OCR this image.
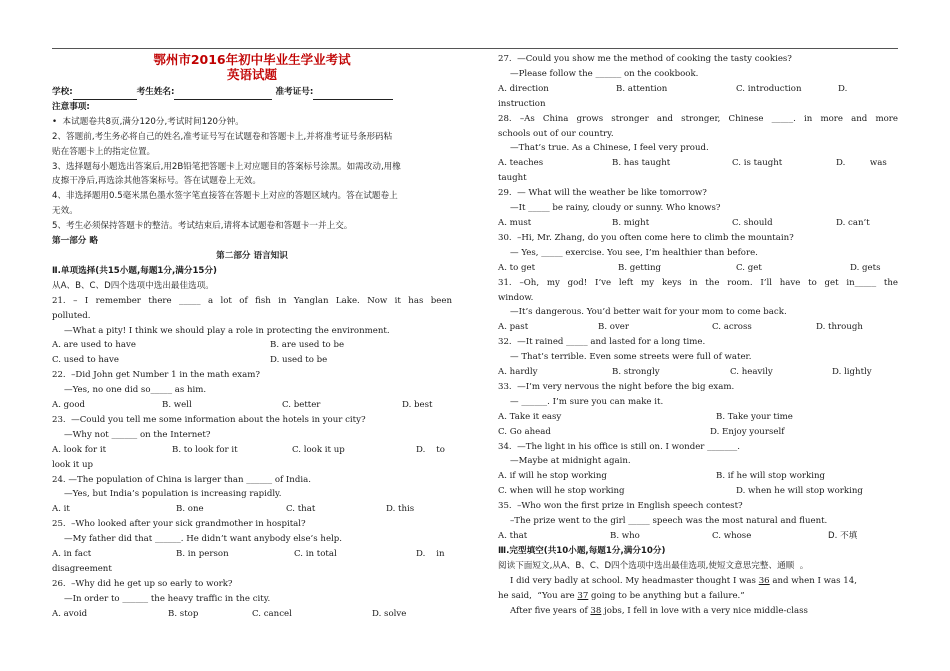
鄂州市2016年初中毕业生学业考试
英语试题
学校:	考生姓名:	准考证号:
注意事项:
• 本试题卷共8页,满分120分,考试时间120分钟。
2、答题前,考生务必将自己的姓名,准考证号写在试题卷和答题卡上,并将准考证号条形码粘
贴在答题卡上的指定位置。
3、选择题每小题选出答案后,用2B铅笔把答题卡上对应题目的答案标号涂黑。如需改动,用橡
皮擦干净后,再选涂其他答案标号。答在试题卷上无效。
4、非选择题用0.5毫米黑色墨水签字笔直接答在答题卡上对应的答题区域内。答在试题卷上
无效。
5、考生必须保持答题卡的整洁。考试结束后,请将本试题卷和答题卡一并上交。
第一部分 略
第二部分 语言知识
Ⅱ.单项选择(共15小题,每题1分,满分15分)
从A、B、C、D四个选项中选出最佳选项。
21. – I remember there _____ a lot of fish in Yanglan Lake. Now it has been
polluted.
—What a pity! I think we should play a role in protecting the environment.
A. are used to have	B. are used to be
C. used to have	D. used to be
22.  –Did John get Number 1 in the math exam?
—Yes, no one did so_____ as him.
A. good	B. well	C. better	D. best
23.  —Could you tell me some information about the hotels in your city?
—Why not ______ on the Internet?
A. look for it	B. to look for it	C. look it up	D.    to
look it up
24. —The population of China is larger than ______ of India.
—Yes, but India’s population is increasing rapidly.
A. it	B. one	C. that	D. this
25.  –Who looked after your sick grandmother in hospital?
—My father did that ______. He didn’t want anybody else’s help.
A. in fact	B. in person	C. in total	D.    in
disagreement
26.  –Why did he get up so early to work?
—In order to ______ the heavy traffic in the city.
A. avoid	B. stop	C. cancel	D. solve
27.  —Could you show me the method of cooking the tasty cookies?
—Please follow the ______ on the cookbook.
A. direction	B. attention	C. introduction	D.
instruction
28. –As China grows stronger and stronger, Chinese _____. in more and more
schools out of our country.
—That’s true. As a Chinese, I feel very proud.
A. teaches	B. has taught	C. is taught	D.         was
taught
29.  — What will the weather be like tomorrow?
—It _____ be rainy, cloudy or sunny. Who knows?
A. must	B. might	C. should	D. can’t
30.  –Hi, Mr. Zhang, do you often come here to climb the mountain?
— Yes, _____ exercise. You see, I’m healthier than before.
A. to get	B. getting	C. get	D. gets
31. –Oh, my god! I’ve left my keys in the room. I’ll have to get in_____ the
window.
—It’s dangerous. You’d better wait for your mom to come back.
A. past	B. over	C. across	D. through
32.  —It rained _____ and lasted for a long time.
— That’s terrible. Even some streets were full of water.
A. hardly	B. strongly	C. heavily	D. lightly
33.  —I’m very nervous the night before the big exam.
— ______. I’m sure you can make it.
A. Take it easy	B. Take your time
C. Go ahead	D. Enjoy yourself
34.  —The light in his office is still on. I wonder _______.
—Maybe at midnight again.
A. if will he stop working	B. if he will stop working
C. when will he stop working	D. when he will stop working
35.  –Who won the first prize in English speech contest?
–The prize went to the girl _____ speech was the most natural and fluent.
A. that	B. who	C. whose	D. 不填
Ⅲ.完型填空(共10小题,每题1分,满分10分)
阅读下面短文,从A、B、C、D四个选项中选出最佳选项,使短文意思完整、通顺  。
I did very badly at school. My headmaster thought I was 36 and when I was 14,
he said,  “You are 37 going to be anything but a failure.”
After five years of 38 jobs, I fell in love with a very nice middle-class
